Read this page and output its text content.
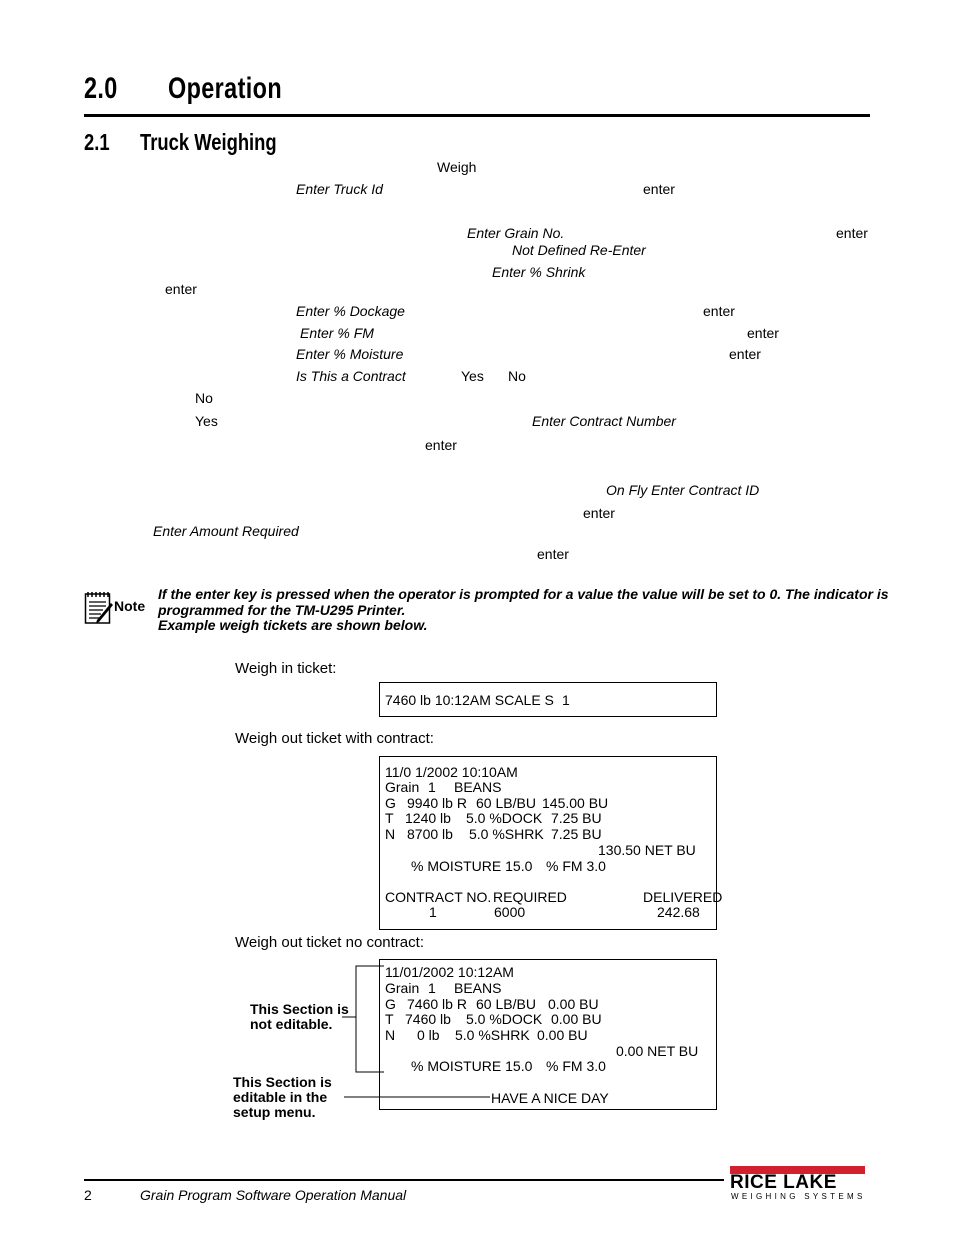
2.0 Operation
2.1 Truck Weighing
Weigh
Enter Truck Id	enter
Enter Grain No.	enter
Not Defined Re-Enter
Enter % Shrink
enter
Enter % Dockage	enter
Enter % FM	enter
Enter % Moisture	enter
Is This a Contract	Yes No
No
Yes	Enter Contract Number
enter
On Fly Enter Contract ID
enter
Enter Amount Required
enter
Note
If the enter key is pressed when the operator is prompted for a value the value will be set to 0. The indicator is
programmed for the TM-U295 Printer.
Example weigh tickets are shown below.
Weigh in ticket:
7460 lb 10:12AM SCALE S 1
Weigh out ticket with contract:
11/0 1/2002 10:10AM
Grain 1 BEANS
G 9940 lb R 60 LB/BU 145.00 BU
T 1240 lb 5.0 %DOCK 7.25 BU
N 8700 lb 5.0 %SHRK 7.25 BU
130.50 NET BU
% MOISTURE 15.0 % FM 3.0
CONTRACT NO. REQUIRED	DELIVERED
1	6000	242.68
Weigh out ticket no contract:
11/01/2002 10:12AM
Grain 1 BEANS
G 7460 lb R 60 LB/BU 0.00 BU
T 7460 lb 5.0 %DOCK 0.00 BU
N 0 lb 5.0 %SHRK 0.00 BU
0.00 NET BU
% MOISTURE 15.0 % FM 3.0
HAVE A NICE DAY
This Section is
not editable.
This Section is
editable in the
setup menu.
2	Grain Program Software Operation Manual
RICE LAKE
WEIGHING SYSTEMS
